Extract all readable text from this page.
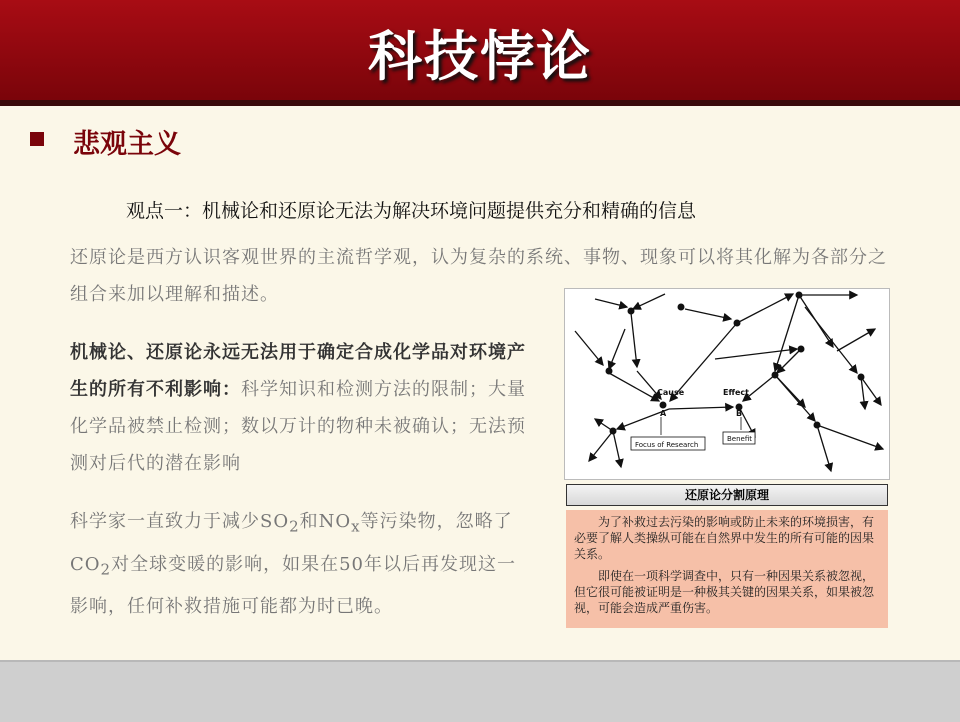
科技悖论
悲观主义
观点一：机械论和还原论无法为解决环境问题提供充分和精确的信息
还原论是西方认识客观世界的主流哲学观，认为复杂的系统、事物、现象可以将其化解为各部分之组合来加以理解和描述。
机械论、还原论永远无法用于确定合成化学品对环境产生的所有不利影响：科学知识和检测方法的限制；大量化学品被禁止检测；数以万计的物种未被确认；无法预测对后代的潜在影响
科学家一直致力于减少$SO_2$和$NO_x$等污染物，忽略了$CO_2$对全球变暖的影响，如果在50年以后再发现这一影响，任何补救措施可能都为时已晚。
Cause	Effect
A	B
Focus of Research
Benefit
还原论分割原理

为了补救过去污染的影响或防止未来的环境损害，有必要了解人类操纵可能在自然界中发生的所有可能的因果关系。

即使在一项科学调查中，只有一种因果关系被忽视，但它很可能被证明是一种极其关键的因果关系，如果被忽视，可能会造成严重伤害。
